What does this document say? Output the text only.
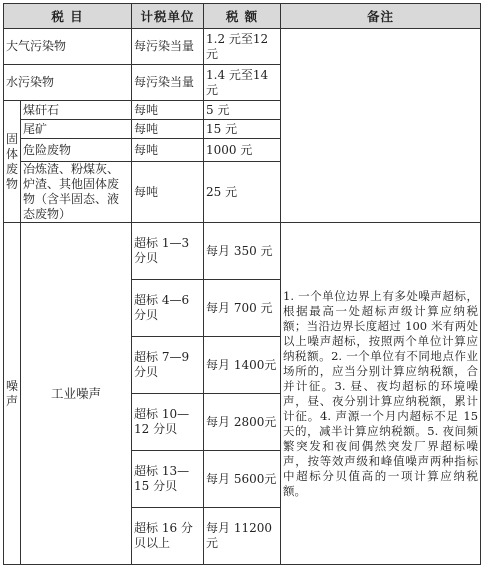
税 目		计税单位	税 额	备注
大气污染物		每污染当量	1.2 元至12元	
水污染物		每污染当量	1.4 元至14元	

固体废物	煤矸石	每吨	5 元	
	尾矿	每吨	15 元	
	危险废物	每吨	1000 元	
	冶炼渣、粉煤灰、炉渣、其他固体废物（含半固态、液态废物）	每吨	25 元	

噪声	工业噪声	超标 1—3分贝	每月 350 元	1. 一个单位边界上有多处噪声超标，根据最高一处超标声级计算应纳税额；当沿边界长度超过 100 米有两处以上噪声超标，按照两个单位计算应纳税额。2. 一个单位有不同地点作业场所的，应当分别计算应纳税额，合并计征。3. 昼、夜均超标的环境噪声，昼、夜分别计算应纳税额，累计计征。4. 声源一个月内超标不足 15 天的，减半计算应纳税额。5. 夜间频繁突发和夜间偶然突发厂界超标噪声，按等效声级和峰值噪声两种指标中超标分贝值高的一项计算应纳税额。
		超标 4—6分贝	每月 700 元	
		超标 7—9分贝	每月 1400元	
		超标 10—12 分贝	每月 2800元	
		超标 13—15 分贝	每月 5600元	
		超标 16 分贝以上	每月 11200元	
